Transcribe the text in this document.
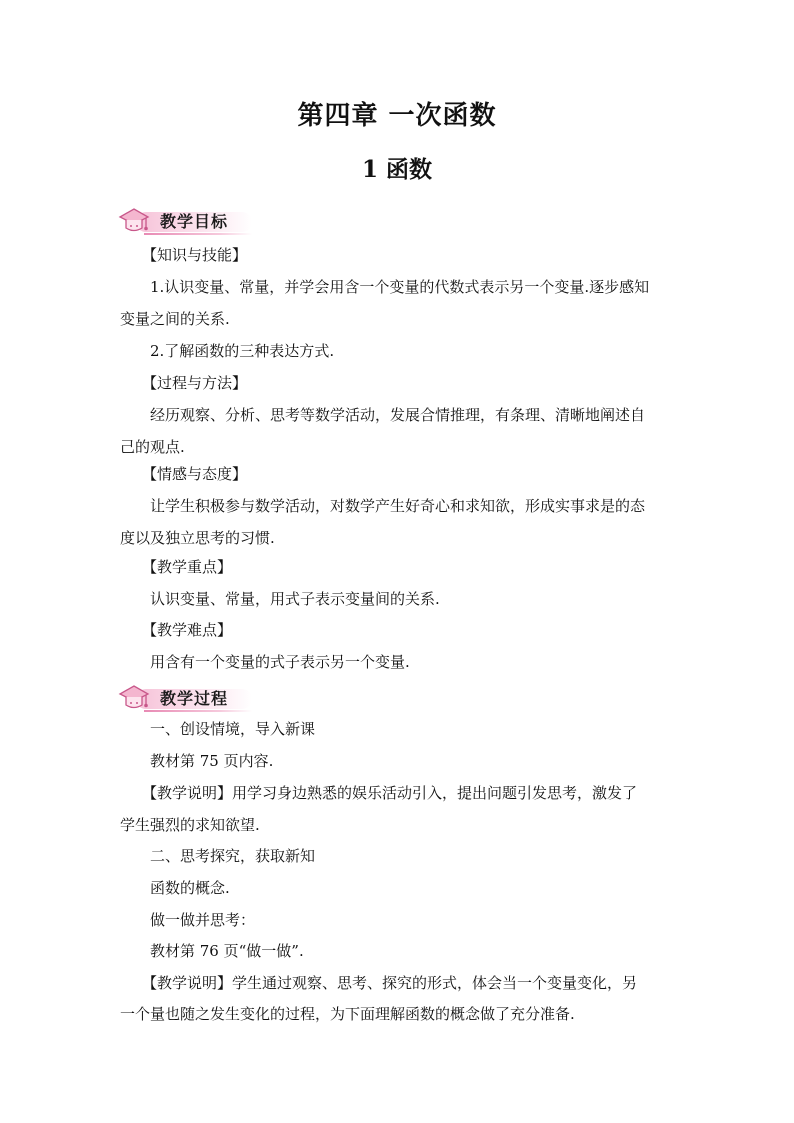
第四章 一次函数
1 函数
教学目标
【知识与技能】
1.认识变量、常量，并学会用含一个变量的代数式表示另一个变量.逐步感知
变量之间的关系.
2.了解函数的三种表达方式.
【过程与方法】
经历观察、分析、思考等数学活动，发展合情推理，有条理、清晰地阐述自
己的观点.
【情感与态度】
让学生积极参与数学活动，对数学产生好奇心和求知欲，形成实事求是的态
度以及独立思考的习惯.
【教学重点】
认识变量、常量，用式子表示变量间的关系.
【教学难点】
用含有一个变量的式子表示另一个变量.
教学过程
一、创设情境，导入新课
教材第 75 页内容.
【教学说明】用学习身边熟悉的娱乐活动引入，提出问题引发思考，激发了
学生强烈的求知欲望.
二、思考探究，获取新知
函数的概念.
做一做并思考：
教材第 76 页“做一做”.
【教学说明】学生通过观察、思考、探究的形式，体会当一个变量变化，另
一个量也随之发生变化的过程，为下面理解函数的概念做了充分准备.
